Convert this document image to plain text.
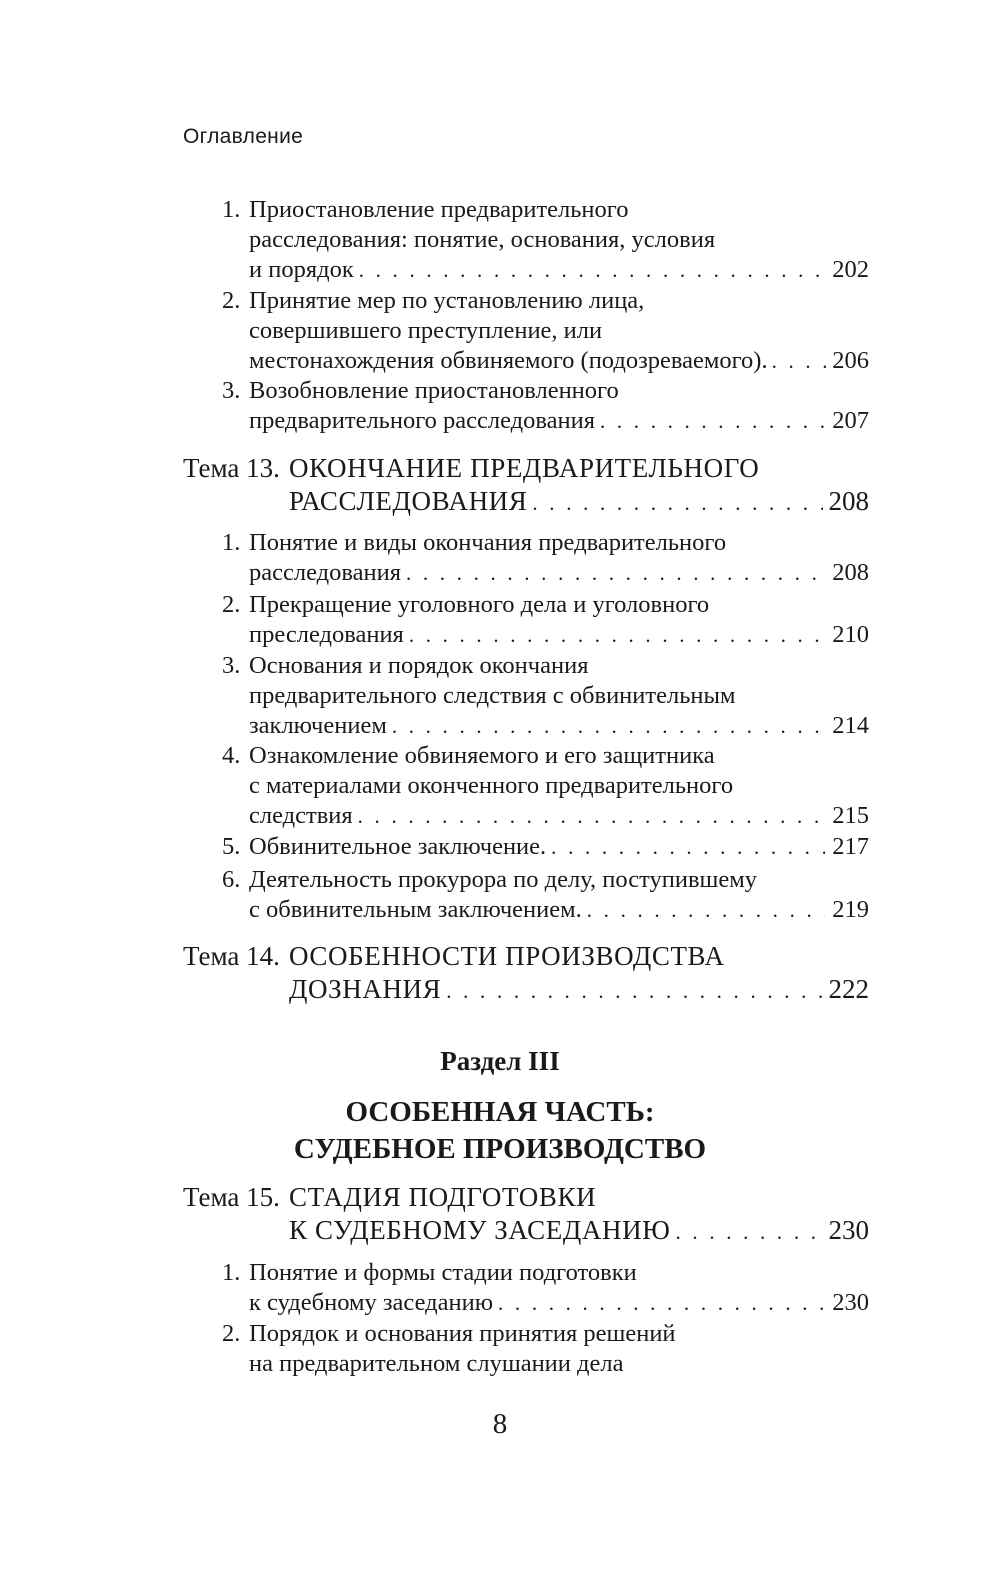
Оглавление
1. Приостановление предварительного
расследования: понятие, основания, условия
и порядок . . .	202
2. Принятие мер по установлению лица,
совершившего преступление, или
местонахождения обвиняемого (подозреваемого). . . .	206
3. Возобновление приостановленного
предварительного расследования . . .	207
Тема 13. ОКОНЧАНИЕ ПРЕДВАРИТЕЛЬНОГО
РАССЛЕДОВАНИЯ . . .	208
1. Понятие и виды окончания предварительного
расследования . . .	208
2. Прекращение уголовного дела и уголовного
преследования . . .	210
3. Основания и порядок окончания
предварительного следствия с обвинительным
заключением . . .	214
4. Ознакомление обвиняемого и его защитника
с материалами оконченного предварительного
следствия . . .	215
5. Обвинительное заключение. . . .	217
6. Деятельность прокурора по делу, поступившему
с обвинительным заключением. . . .	219
Тема 14. ОСОБЕННОСТИ ПРОИЗВОДСТВА
ДОЗНАНИЯ . . .	222
Раздел III
ОСОБЕННАЯ ЧАСТЬ:
СУДЕБНОЕ ПРОИЗВОДСТВО
Тема 15. СТАДИЯ ПОДГОТОВКИ
К СУДЕБНОМУ ЗАСЕДАНИЮ . . .	230
1. Понятие и формы стадии подготовки
к судебному заседанию . . .	230
2. Порядок и основания принятия решений
на предварительном слушании дела
8
